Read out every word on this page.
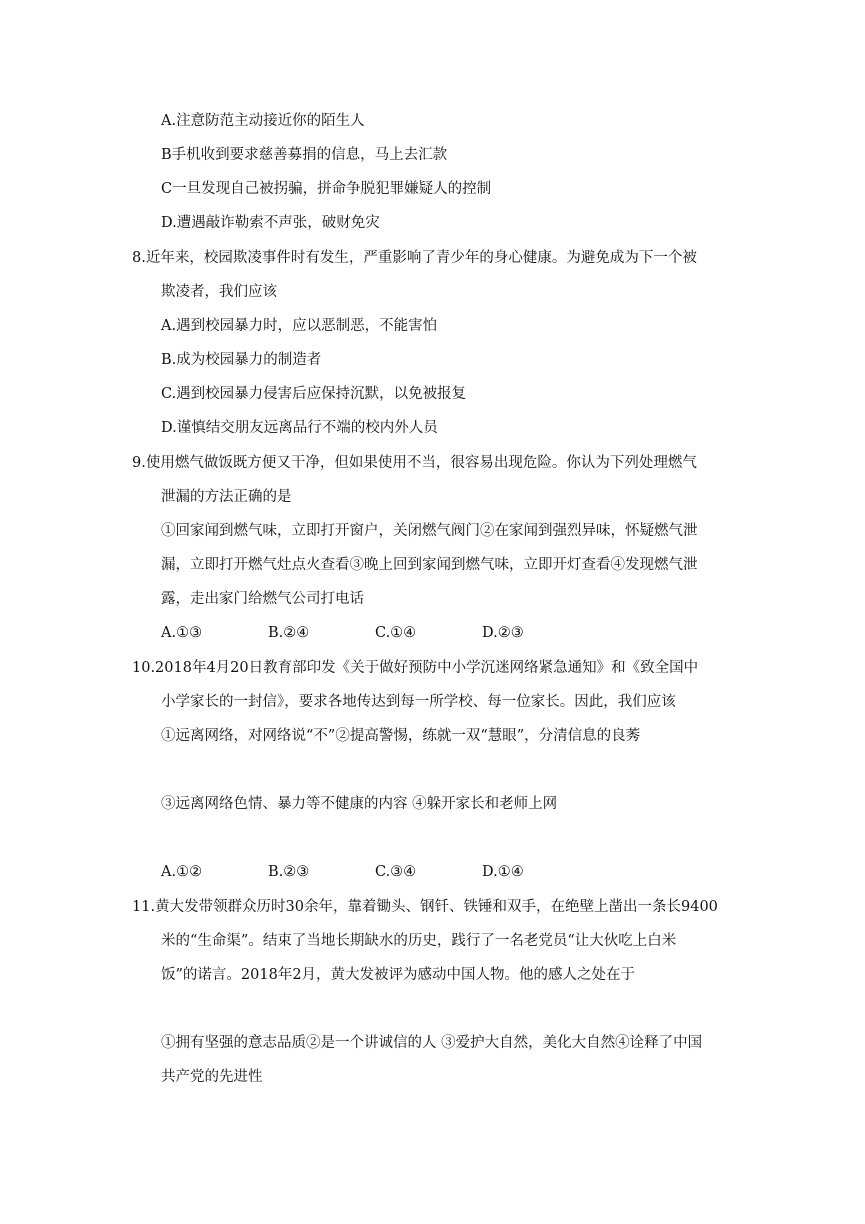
A.注意防范主动接近你的陌生人
B手机收到要求慈善募捐的信息，马上去汇款
C一旦发现自己被拐骗，拼命争脱犯罪嫌疑人的控制
D.遭遇敲诈勒索不声张，破财免灾
8.近年来，校园欺凌事件时有发生，严重影响了青少年的身心健康。为避免成为下一个被
欺凌者，我们应该
A.遇到校园暴力时，应以恶制恶，不能害怕
B.成为校园暴力的制造者
C.遇到校园暴力侵害后应保持沉默，以免被报复
D.谨慎结交朋友远离品行不端的校内外人员
9.使用燃气做饭既方便又干净，但如果使用不当，很容易出现危险。你认为下列处理燃气
泄漏的方法正确的是
①回家闻到燃气味，立即打开窗户，关闭燃气阀门②在家闻到强烈异味，怀疑燃气泄
漏，立即打开燃气灶点火查看③晚上回到家闻到燃气味，立即开灯查看④发现燃气泄
露，走出家门给燃气公司打电话
A.①③	B.②④	C.①④	D.②③
10.2018年4月20日教育部印发《关于做好预防中小学沉迷网络紧急通知》和《致全国中
小学家长的一封信》，要求各地传达到每一所学校、每一位家长。因此，我们应该
①远离网络，对网络说“不”②提高警惕，练就一双“慧眼”，分清信息的良莠
③远离网络色情、暴力等不健康的内容 ④躲开家长和老师上网
A.①②	B.②③	C.③④	D.①④
11.黄大发带领群众历时30余年，靠着锄头、钢钎、铁锤和双手，在绝壁上凿出一条长9400
米的“生命渠”。结束了当地长期缺水的历史，践行了一名老党员“让大伙吃上白米
饭”的诺言。2018年2月，黄大发被评为感动中国人物。他的感人之处在于
①拥有坚强的意志品质②是一个讲诚信的人 ③爱护大自然，美化大自然④诠释了中国
共产党的先进性
